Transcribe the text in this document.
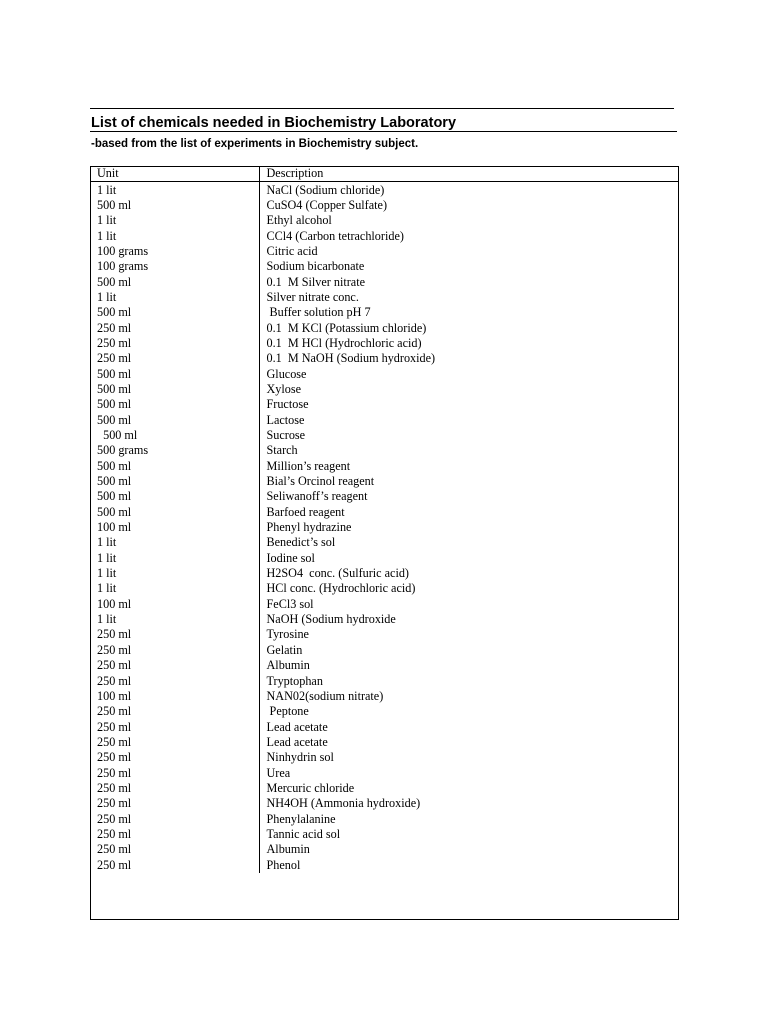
List of chemicals needed in Biochemistry Laboratory
-based from the list of experiments in Biochemistry subject.
Unit	Description
1 lit	NaCl (Sodium chloride)
500 ml	CuSO4 (Copper Sulfate)
1 lit	Ethyl alcohol
1 lit	CCl4 (Carbon tetrachloride)
100 grams	Citric acid
100 grams	Sodium bicarbonate
500 ml	0.1  M Silver nitrate
1 lit	Silver nitrate conc.
500 ml	Buffer solution pH 7
250 ml	0.1  M KCl (Potassium chloride)
250 ml	0.1  M HCl (Hydrochloric acid)
250 ml	0.1  M NaOH (Sodium hydroxide)
500 ml	Glucose
500 ml	Xylose
500 ml	Fructose
500 ml	Lactose
500 ml	Sucrose
500 grams	Starch
500 ml	Million’s reagent
500 ml	Bial’s Orcinol reagent
500 ml	Seliwanoff’s reagent
500 ml	Barfoed reagent
100 ml	Phenyl hydrazine
1 lit	Benedict’s sol
1 lit	Iodine sol
1 lit	H2SO4  conc. (Sulfuric acid)
1 lit	HCl conc. (Hydrochloric acid)
100 ml	FeCl3 sol
1 lit	NaOH (Sodium hydroxide
250 ml	Tyrosine
250 ml	Gelatin
250 ml	Albumin
250 ml	Tryptophan
100 ml	NAN02(sodium nitrate)
250 ml	Peptone
250 ml	Lead acetate
250 ml	Lead acetate
250 ml	Ninhydrin sol
250 ml	Urea
250 ml	Mercuric chloride
250 ml	NH4OH (Ammonia hydroxide)
250 ml	Phenylalanine
250 ml	Tannic acid sol
250 ml	Albumin
250 ml	Phenol
